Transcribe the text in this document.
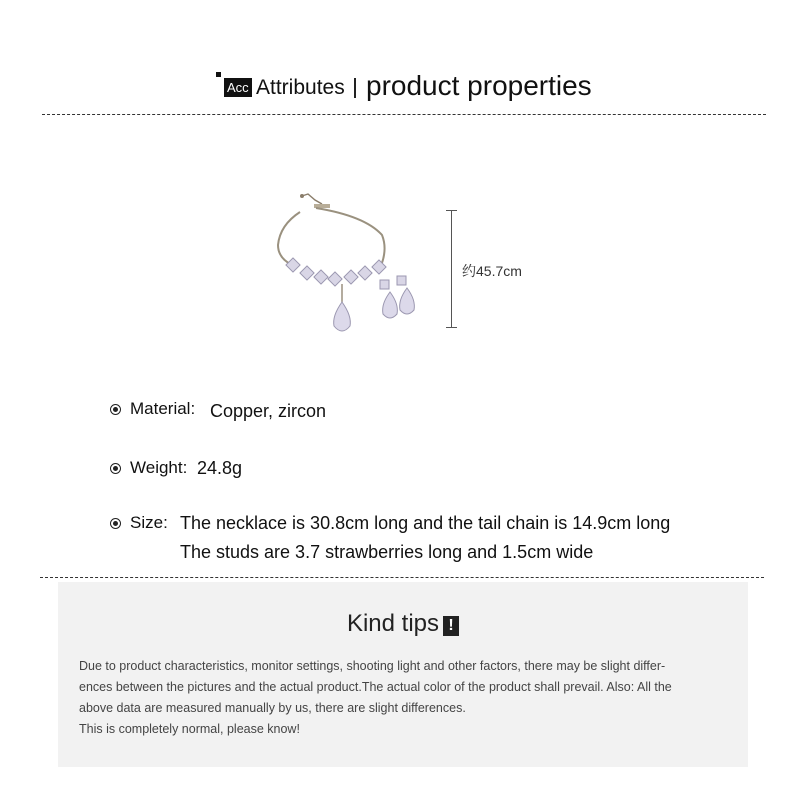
Acc Attributes product properties
约45.7cm
Material: Copper, zircon
Weight: 24.8g
Size: The necklace is 30.8cm long and the tail chain is 14.9cm long
The studs are 3.7 strawberries long and 1.5cm wide
Kind tips !

Due to product characteristics, monitor settings, shooting light and other factors, there may be slight differ-

ences between the pictures and the actual product.The actual color of the product shall prevail. Also: All the

above data are measured manually by us, there are slight differences.

This is completely normal, please know!
